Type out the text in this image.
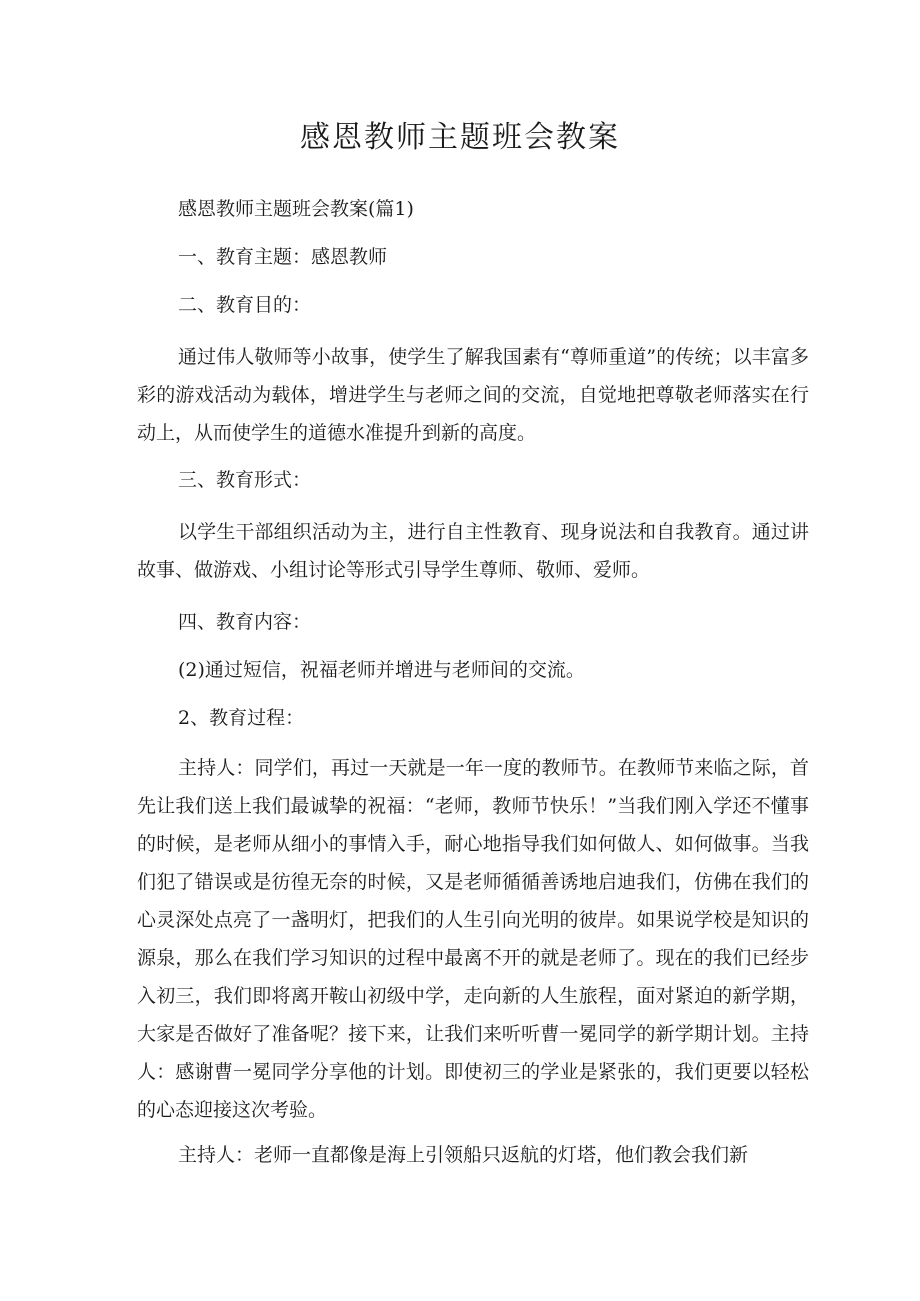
感恩教师主题班会教案

感恩教师主题班会教案(篇1)

一、教育主题：感恩教师

二、教育目的：

通过伟人敬师等小故事，使学生了解我国素有“尊师重道”的传统；以丰富多彩的游戏活动为载体，增进学生与老师之间的交流，自觉地把尊敬老师落实在行动上，从而使学生的道德水准提升到新的高度。

三、教育形式：

以学生干部组织活动为主，进行自主性教育、现身说法和自我教育。通过讲故事、做游戏、小组讨论等形式引导学生尊师、敬师、爱师。

四、教育内容：

(2)通过短信，祝福老师并增进与老师间的交流。

2、教育过程：

主持人：同学们，再过一天就是一年一度的教师节。在教师节来临之际，首先让我们送上我们最诚挚的祝福：“老师，教师节快乐！”当我们刚入学还不懂事的时候，是老师从细小的事情入手，耐心地指导我们如何做人、如何做事。当我们犯了错误或是彷徨无奈的时候，又是老师循循善诱地启迪我们，仿佛在我们的心灵深处点亮了一盏明灯，把我们的人生引向光明的彼岸。如果说学校是知识的源泉，那么在我们学习知识的过程中最离不开的就是老师了。现在的我们已经步入初三，我们即将离开鞍山初级中学，走向新的人生旅程，面对紧迫的新学期，大家是否做好了准备呢？接下来，让我们来听听曹一冕同学的新学期计划。主持人：感谢曹一冕同学分享他的计划。即使初三的学业是紧张的，我们更要以轻松的心态迎接这次考验。

主持人：老师一直都像是海上引领船只返航的灯塔，他们教会我们新
